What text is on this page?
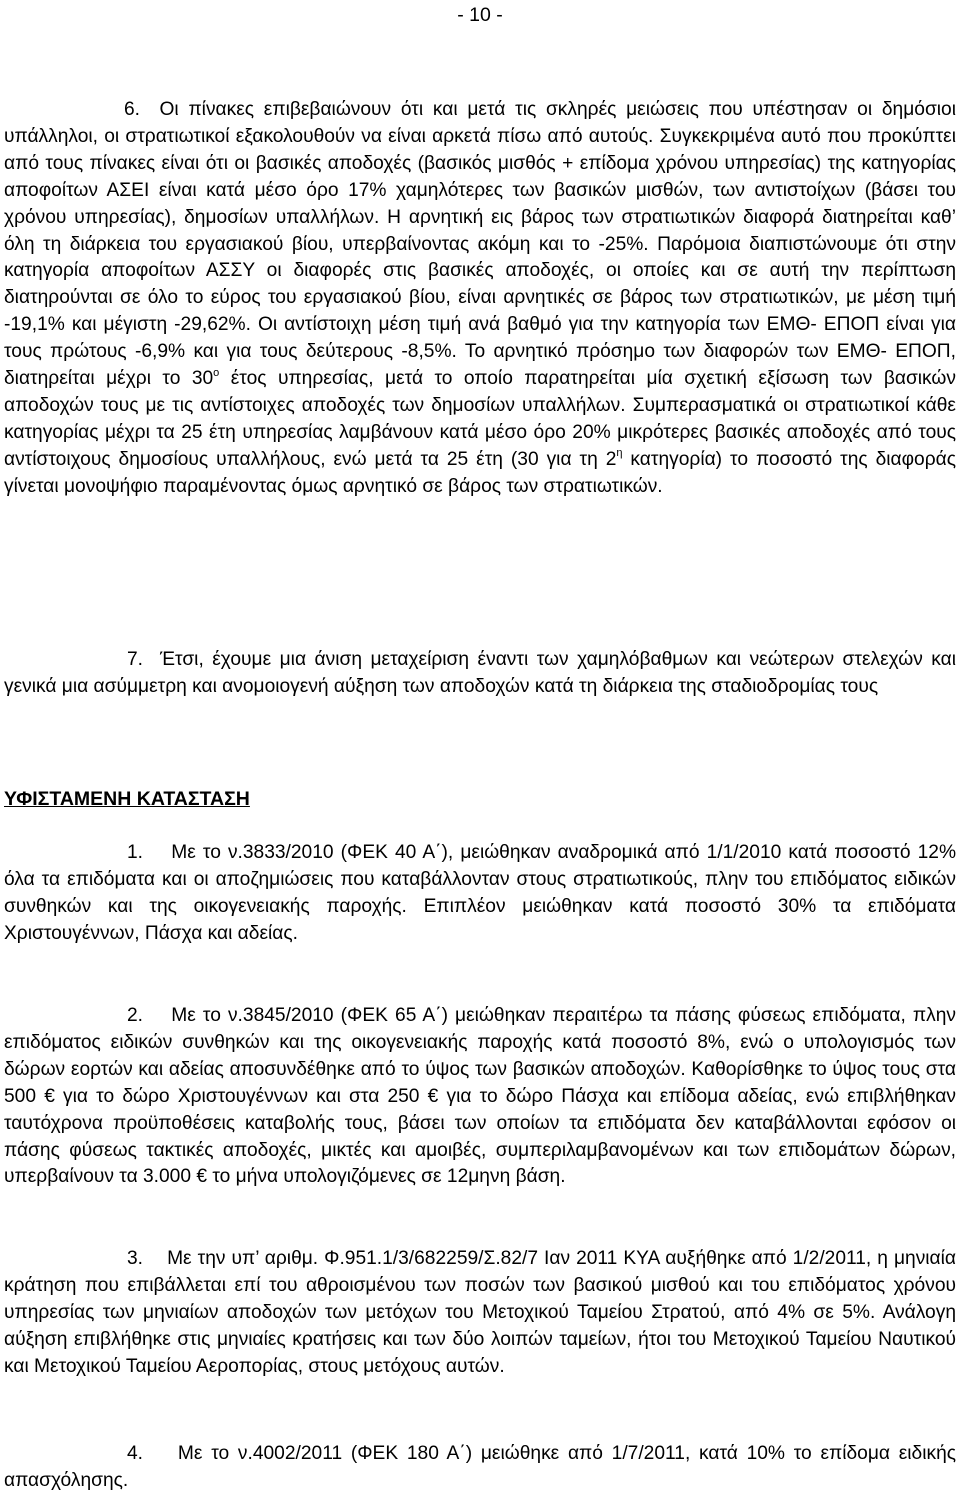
- 10 -

6.  Οι πίνακες επιβεβαιώνουν ότι και μετά τις σκληρές μειώσεις που υπέστησαν οι δημόσιοι υπάλληλοι, οι στρατιωτικοί εξακολουθούν να είναι αρκετά πίσω από αυτούς. Συγκεκριμένα αυτό που προκύπτει από τους πίνακες είναι ότι οι βασικές αποδοχές (βασικός μισθός + επίδομα χρόνου υπηρεσίας) της κατηγορίας αποφοίτων ΑΣΕΙ είναι κατά μέσο όρο 17% χαμηλότερες των βασικών μισθών, των αντιστοίχων (βάσει του χρόνου υπηρεσίας), δημοσίων υπαλλήλων. Η αρνητική εις βάρος των στρατιωτικών διαφορά διατηρείται καθ’ όλη τη διάρκεια του εργασιακού βίου, υπερβαίνοντας ακόμη και το -25%. Παρόμοια διαπιστώνουμε ότι στην κατηγορία αποφοίτων ΑΣΣΥ οι διαφορές στις βασικές αποδοχές, οι οποίες και σε αυτή την περίπτωση διατηρούνται σε όλο το εύρος του εργασιακού βίου, είναι αρνητικές σε βάρος των στρατιωτικών, με μέση τιμή -19,1% και μέγιστη -29,62%. Οι αντίστοιχη μέση τιμή ανά βαθμό για την κατηγορία των ΕΜΘ- ΕΠΟΠ είναι για τους πρώτους -6,9% και για τους δεύτερους -8,5%. Το αρνητικό πρόσημο των διαφορών των ΕΜΘ- ΕΠΟΠ, διατηρείται μέχρι το $30^o$ έτος υπηρεσίας, μετά το οποίο παρατηρείται μία σχετική εξίσωση των βασικών αποδοχών τους με τις αντίστοιχες αποδοχές των δημοσίων υπαλλήλων. Συμπερασματικά οι στρατιωτικοί κάθε κατηγορίας μέχρι τα 25 έτη υπηρεσίας λαμβάνουν κατά μέσο όρο 20% μικρότερες βασικές αποδοχές από τους αντίστοιχους δημοσίους υπαλλήλους, ενώ μετά τα 25 έτη (30 για τη $2^\eta$ κατηγορία) το ποσοστό της διαφοράς γίνεται μονοψήφιο παραμένοντας όμως αρνητικό σε βάρος των στρατιωτικών.

7.  Έτσι, έχουμε μια άνιση μεταχείριση έναντι των χαμηλόβαθμων και νεώτερων στελεχών και γενικά μια ασύμμετρη και ανομοιογενή αύξηση των αποδοχών κατά τη διάρκεια της σταδιοδρομίας τους

ΥΦΙΣΤΑΜΕΝΗ ΚΑΤΑΣΤΑΣΗ

1.    Με το ν.3833/2010 (ΦΕΚ 40 Α΄), μειώθηκαν αναδρομικά από 1/1/2010 κατά ποσοστό 12% όλα τα επιδόματα και οι αποζημιώσεις που καταβάλλονταν στους στρατιωτικούς, πλην του επιδόματος ειδικών συνθηκών και της οικογενειακής παροχής. Επιπλέον μειώθηκαν κατά ποσοστό 30% τα επιδόματα Χριστουγέννων, Πάσχα και αδείας.

2.    Με το ν.3845/2010 (ΦΕΚ 65 Α΄) μειώθηκαν περαιτέρω τα πάσης φύσεως επιδόματα, πλην επιδόματος ειδικών συνθηκών και της οικογενειακής παροχής κατά ποσοστό 8%, ενώ ο υπολογισμός των δώρων εορτών και αδείας αποσυνδέθηκε από το ύψος των βασικών αποδοχών. Καθορίσθηκε το ύψος τους στα 500 € για το δώρο Χριστουγέννων και στα 250 € για το δώρο Πάσχα και επίδομα αδείας, ενώ επιβλήθηκαν ταυτόχρονα προϋποθέσεις καταβολής τους, βάσει των οποίων τα επιδόματα δεν καταβάλλονται εφόσον οι πάσης φύσεως τακτικές αποδοχές, μικτές και αμοιβές, συμπεριλαμβανομένων και των επιδομάτων δώρων, υπερβαίνουν τα 3.000 € το μήνα υπολογιζόμενες σε 12μηνη βάση.

3.    Με την υπ’ αριθμ. Φ.951.1/3/682259/Σ.82/7 Ιαν 2011 ΚΥΑ αυξήθηκε από 1/2/2011, η μηνιαία κράτηση που επιβάλλεται επί του αθροισμένου των ποσών των βασικού μισθού και του επιδόματος χρόνου υπηρεσίας των μηνιαίων αποδοχών των μετόχων του Μετοχικού Ταμείου Στρατού, από 4% σε 5%. Ανάλογη αύξηση επιβλήθηκε στις μηνιαίες κρατήσεις και των δύο λοιπών ταμείων, ήτοι του Μετοχικού Ταμείου Ναυτικού και Μετοχικού Ταμείου Αεροπορίας, στους μετόχους αυτών.

4.    Με το ν.4002/2011 (ΦΕΚ 180 Α΄) μειώθηκε από 1/7/2011, κατά 10% το επίδομα ειδικής απασχόλησης.
